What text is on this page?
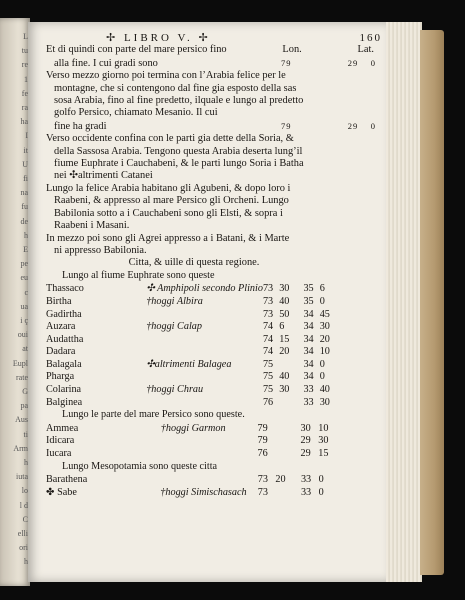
L
tu
re
1
fe
ra
ha
I
it
U
fi
na
fu
de
h
E
pe
eu
c
ua
i ç
oui
at
Eupl
rate
G
pa
Aus
ti
Arm
h
iuta
lo
l d
C
elli
ori
h
✢ LIBRO V. ✢	160
Et di quindi con parte del mare persico fino	Lon.	Lat.
alla fine. I cui gradi sono	79	29 0
Verso mezzo giorno poi termina con l’Arabia felice per le
montagne, che si contengono dal fine gia esposto della sas
sosa Arabia, fino al fine predetto, ilquale e lungo al predetto
golfo Persico, chiamato Mesanio. Il cui
fine ha gradi	79	29 0
Verso occidente confina con le parti gia dette della Soria, &
della Sassosa Arabia. Tengono questa Arabia deserta lung’il
fiume Euphrate i Cauchabeni, & le parti lungo Soria i Batha
nei ✣altrimenti Catanei
Lungo la felice Arabia habitano gli Agubeni, & dopo loro i
Raabeni, & appresso al mare Persico gli Orcheni. Lungo
Babilonia sotto a i Cauchabeni sono gli Elsti, & sopra i
Raabeni i Masani.
In mezzo poi sono gli Agrei appresso a i Batani, & i Marte
ni appresso Babilonia.
Citta, & uille di questa regione.
Lungo al fiume Euphrate sono queste
Thassaco	✣ Amphipoli secondo Plinio	73	30	35	6
Birtha	†hoggi Albira	73	40	35	0
Gadirtha		73	50	34	45
Auzara	†hoggi Calap	74	6	34	30
Audattha		74	15	34	20
Dadara		74	20	34	10
Balagala	✣altrimenti Balagea	75		34	0
Pharga		75	40	34	0
Colarina	†hoggi Chrau	75	30	33	40
Balginea		76		33	30
Lungo le parte del mare Persico sono queste.
Ammea	†hoggi Garmon	79		30	10
Idicara		79		29	30
Iucara		76		29	15
Lungo Mesopotamia sono queste citta
Barathena		73	20	33	0
✤ Sabe	†hoggi Simischasach	73		33	0
